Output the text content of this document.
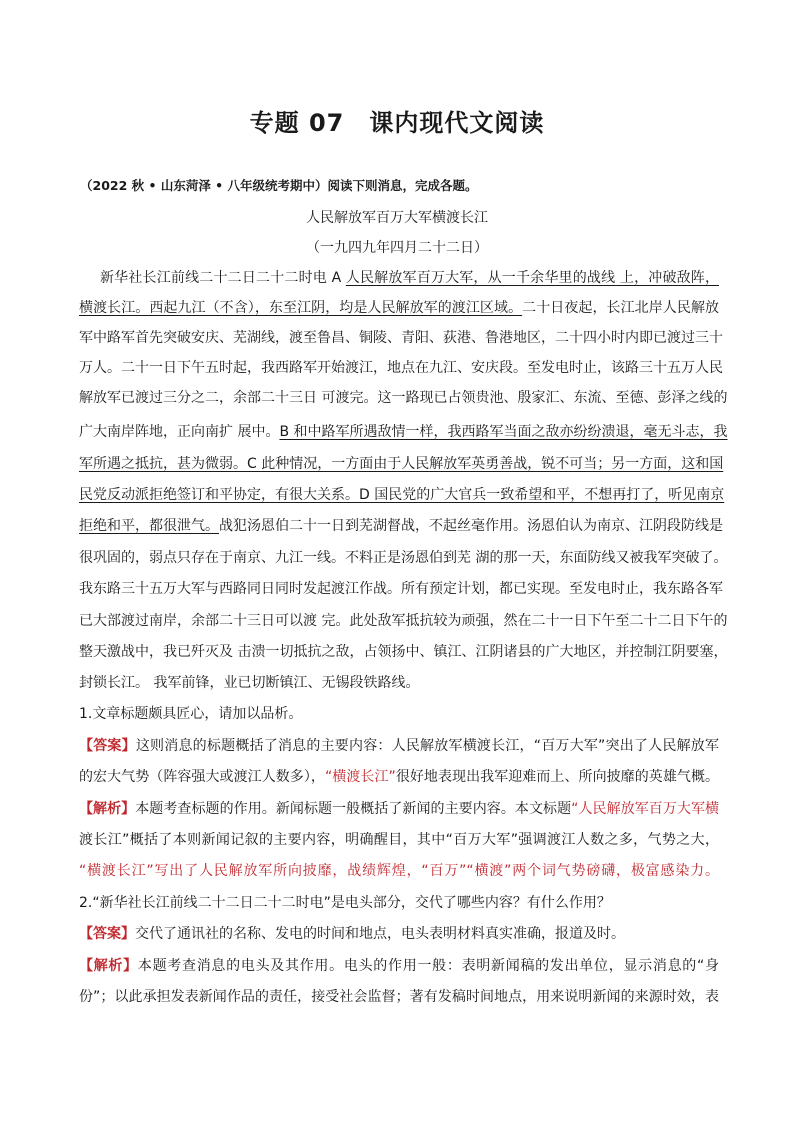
专题 07　课内现代文阅读
（2022 秋 • 山东菏泽 • 八年级统考期中）阅读下则消息，完成各题。
人民解放军百万大军横渡长江
（一九四九年四月二十二日）
新华社长江前线二十二日二十二时电 A 人民解放军百万大军，从一千余华里的战线 上，冲破敌阵，
横渡长江。西起九江（不含），东至江阴，均是人民解放军的渡江区域。二十日夜起，长江北岸人民解放
军中路军首先突破安庆、芜湖线，渡至鲁昌、铜陵、青阳、荻港、鲁港地区，二十四小时内即已渡过三十
万人。二十一日下午五时起，我西路军开始渡江，地点在九江、安庆段。至发电时止，该路三十五万人民
解放军已渡过三分之二，余部二十三日 可渡完。这一路现已占领贵池、殷家汇、东流、至德、彭泽之线的
广大南岸阵地，正向南扩 展中。B 和中路军所遇敌情一样，我西路军当面之敌亦纷纷溃退，毫无斗志，我
军所遇之抵抗，甚为微弱。C 此种情况，一方面由于人民解放军英勇善战，锐不可当；另一方面，这和国
民党反动派拒绝签订和平协定，有很大关系。D 国民党的广大官兵一致希望和平，不想再打了，听见南京
拒绝和平，都很泄气。战犯汤恩伯二十一日到芜湖督战，不起丝毫作用。汤恩伯认为南京、江阴段防线是
很巩固的，弱点只存在于南京、九江一线。不料正是汤恩伯到芜 湖的那一天，东面防线又被我军突破了。
我东路三十五万大军与西路同日同时发起渡江作战。所有预定计划，都已实现。至发电时止，我东路各军
已大部渡过南岸，余部二十三日可以渡 完。此处敌军抵抗较为顽强，然在二十一日下午至二十二日下午的
整天激战中，我已歼灭及 击溃一切抵抗之敌，占领扬中、镇江、江阴诸县的广大地区，并控制江阴要塞，
封锁长江。 我军前锋，业已切断镇江、无锡段铁路线。
1.文章标题颇具匠心，请加以品析。
【答案】这则消息的标题概括了消息的主要内容：人民解放军横渡长江，“百万大军”突出了人民解放军
的宏大气势（阵容强大或渡江人数多），“横渡长江”很好地表现出我军迎难而上、所向披靡的英雄气概。
【解析】本题考查标题的作用。新闻标题一般概括了新闻的主要内容。本文标题“人民解放军百万大军横
渡长江”概括了本则新闻记叙的主要内容，明确醒目，其中“百万大军”强调渡江人数之多，气势之大，
“横渡长江”写出了人民解放军所向披靡，战绩辉煌，“百万”“横渡”两个词气势磅礴，极富感染力。
2.“新华社长江前线二十二日二十二时电”是电头部分，交代了哪些内容？有什么作用？
【答案】交代了通讯社的名称、发电的时间和地点，电头表明材料真实准确，报道及时。
【解析】本题考查消息的电头及其作用。电头的作用一般：表明新闻稿的发出单位，显示消息的“身
份”；以此承担发表新闻作品的责任，接受社会监督；著有发稿时间地点，用来说明新闻的来源时效，表
